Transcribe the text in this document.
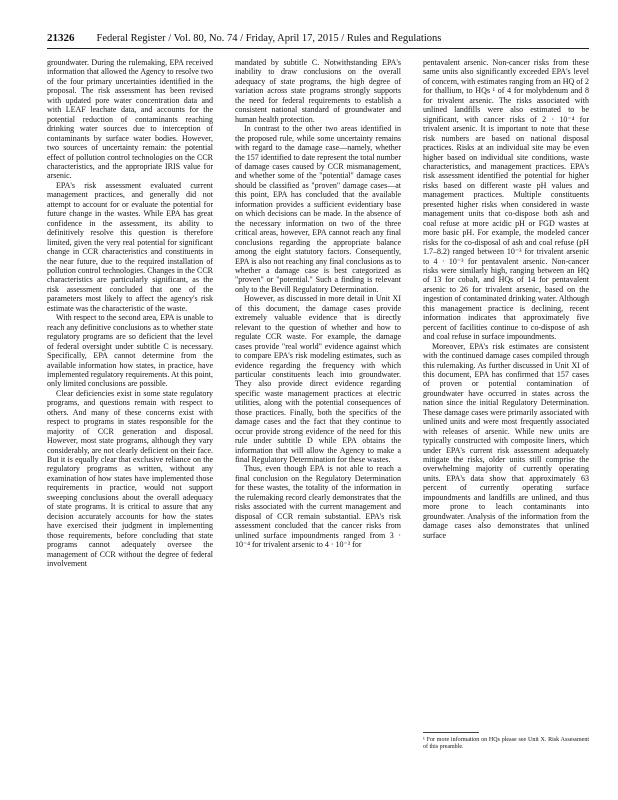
21326 Federal Register / Vol. 80, No. 74 / Friday, April 17, 2015 / Rules and Regulations

groundwater. During the rulemaking, EPA received information that allowed the Agency to resolve two of the four primary uncertainties identified in the proposal. The risk assessment has been revised with updated pore water concentration data and with LEAF leachate data, and accounts for the potential reduction of contaminants reaching drinking water sources due to interception of contaminants by surface water bodies. However, two sources of uncertainty remain: the potential effect of pollution control technologies on the CCR characteristics, and the appropriate IRIS value for arsenic.

EPA's risk assessment evaluated current management practices, and generally did not attempt to account for or evaluate the potential for future change in the wastes. While EPA has great confidence in the assessment, its ability to definitively resolve this question is therefore limited, given the very real potential for significant change in CCR characteristics and constituents in the near future, due to the required installation of pollution control technologies. Changes in the CCR characteristics are particularly significant, as the risk assessment concluded that one of the parameters most likely to affect the agency's risk estimate was the characteristic of the waste.

With respect to the second area, EPA is unable to reach any definitive conclusions as to whether state regulatory programs are so deficient that the level of federal oversight under subtitle C is necessary. Specifically, EPA cannot determine from the available information how states, in practice, have implemented regulatory requirements. At this point, only limited conclusions are possible.

Clear deficiencies exist in some state regulatory programs, and questions remain with respect to others. And many of these concerns exist with respect to programs in states responsible for the majority of CCR generation and disposal. However, most state programs, although they vary considerably, are not clearly deficient on their face. But it is equally clear that exclusive reliance on the regulatory programs as written, without any examination of how states have implemented those requirements in practice, would not support sweeping conclusions about the overall adequacy of state programs. It is critical to assure that any decision accurately accounts for how the states have exercised their judgment in implementing those requirements, before concluding that state programs cannot adequately oversee the management of CCR without the degree of federal involvement

mandated by subtitle C. Notwithstanding EPA's inability to draw conclusions on the overall adequacy of state programs, the high degree of variation across state programs strongly supports the need for federal requirements to establish a consistent national standard of groundwater and human health protection.

In contrast to the other two areas identified in the proposed rule, while some uncertainty remains with regard to the damage case—namely, whether the 157 identified to date represent the total number of damage cases caused by CCR mismanagement, and whether some of the "potential" damage cases should be classified as "proven" damage cases—at this point, EPA has concluded that the available information provides a sufficient evidentiary base on which decisions can be made. In the absence of the necessary information on two of the three critical areas, however, EPA cannot reach any final conclusions regarding the appropriate balance among the eight statutory factors. Consequently, EPA is also not reaching any final conclusions as to whether a damage case is best categorized as "proven" or "potential." Such a finding is relevant only to the Bevill Regulatory Determination.

However, as discussed in more detail in Unit XI of this document, the damage cases provide extremely valuable evidence that is directly relevant to the question of whether and how to regulate CCR waste. For example, the damage cases provide "real world" evidence against which to compare EPA's risk modeling estimates, such as evidence regarding the frequency with which particular constituents leach into groundwater. They also provide direct evidence regarding specific waste management practices at electric utilities, along with the potential consequences of those practices. Finally, both the specifics of the damage cases and the fact that they continue to occur provide strong evidence of the need for this rule under subtitle D while EPA obtains the information that will allow the Agency to make a final Regulatory Determination for these wastes.

Thus, even though EPA is not able to reach a final conclusion on the Regulatory Determination for these wastes, the totality of the information in the rulemaking record clearly demonstrates that the risks associated with the current management and disposal of CCR remain substantial. EPA's risk assessment concluded that the cancer risks from unlined surface impoundments ranged from 3 · 10⁻⁴ for trivalent arsenic to 4 · 10⁻³ for

pentavalent arsenic. Non-cancer risks from these same units also significantly exceeded EPA's level of concern, with estimates ranging from an HQ of 2 for thallium, to HQs ¹ of 4 for molybdenum and 8 for trivalent arsenic. The risks associated with unlined landfills were also estimated to be significant, with cancer risks of 2 · 10⁻⁴ for trivalent arsenic. It is important to note that these risk numbers are based on national disposal practices. Risks at an individual site may be even higher based on individual site conditions, waste characteristics, and management practices. EPA's risk assessment identified the potential for higher risks based on different waste pH values and management practices. Multiple constituents presented higher risks when considered in waste management units that co-dispose both ash and coal refuse at more acidic pH or FGD wastes at more basic pH. For example, the modeled cancer risks for the co-disposal of ash and coal refuse (pH 1.7–8.2) ranged between 10⁻³ for trivalent arsenic to 4 · 10⁻³ for pentavalent arsenic. Non-cancer risks were similarly high, ranging between an HQ of 13 for cobalt, and HQs of 14 for pentavalent arsenic to 26 for trivalent arsenic, based on the ingestion of contaminated drinking water. Although this management practice is declining, recent information indicates that approximately five percent of facilities continue to co-dispose of ash and coal refuse in surface impoundments.

Moreover, EPA's risk estimates are consistent with the continued damage cases compiled through this rulemaking. As further discussed in Unit XI of this document, EPA has confirmed that 157 cases of proven or potential contamination of groundwater have occurred in states across the nation since the initial Regulatory Determination. These damage cases were primarily associated with unlined units and were most frequently associated with releases of arsenic. While new units are typically constructed with composite liners, which under EPA's current risk assessment adequately mitigate the risks, older units still comprise the overwhelming majority of currently operating units. EPA's data show that approximately 63 percent of currently operating surface impoundments and landfills are unlined, and thus more prone to leach contaminants into groundwater. Analysis of the information from the damage cases also demonstrates that unlined surface

¹ For more information on HQs please see Unit X. Risk Assessment of this preamble.
